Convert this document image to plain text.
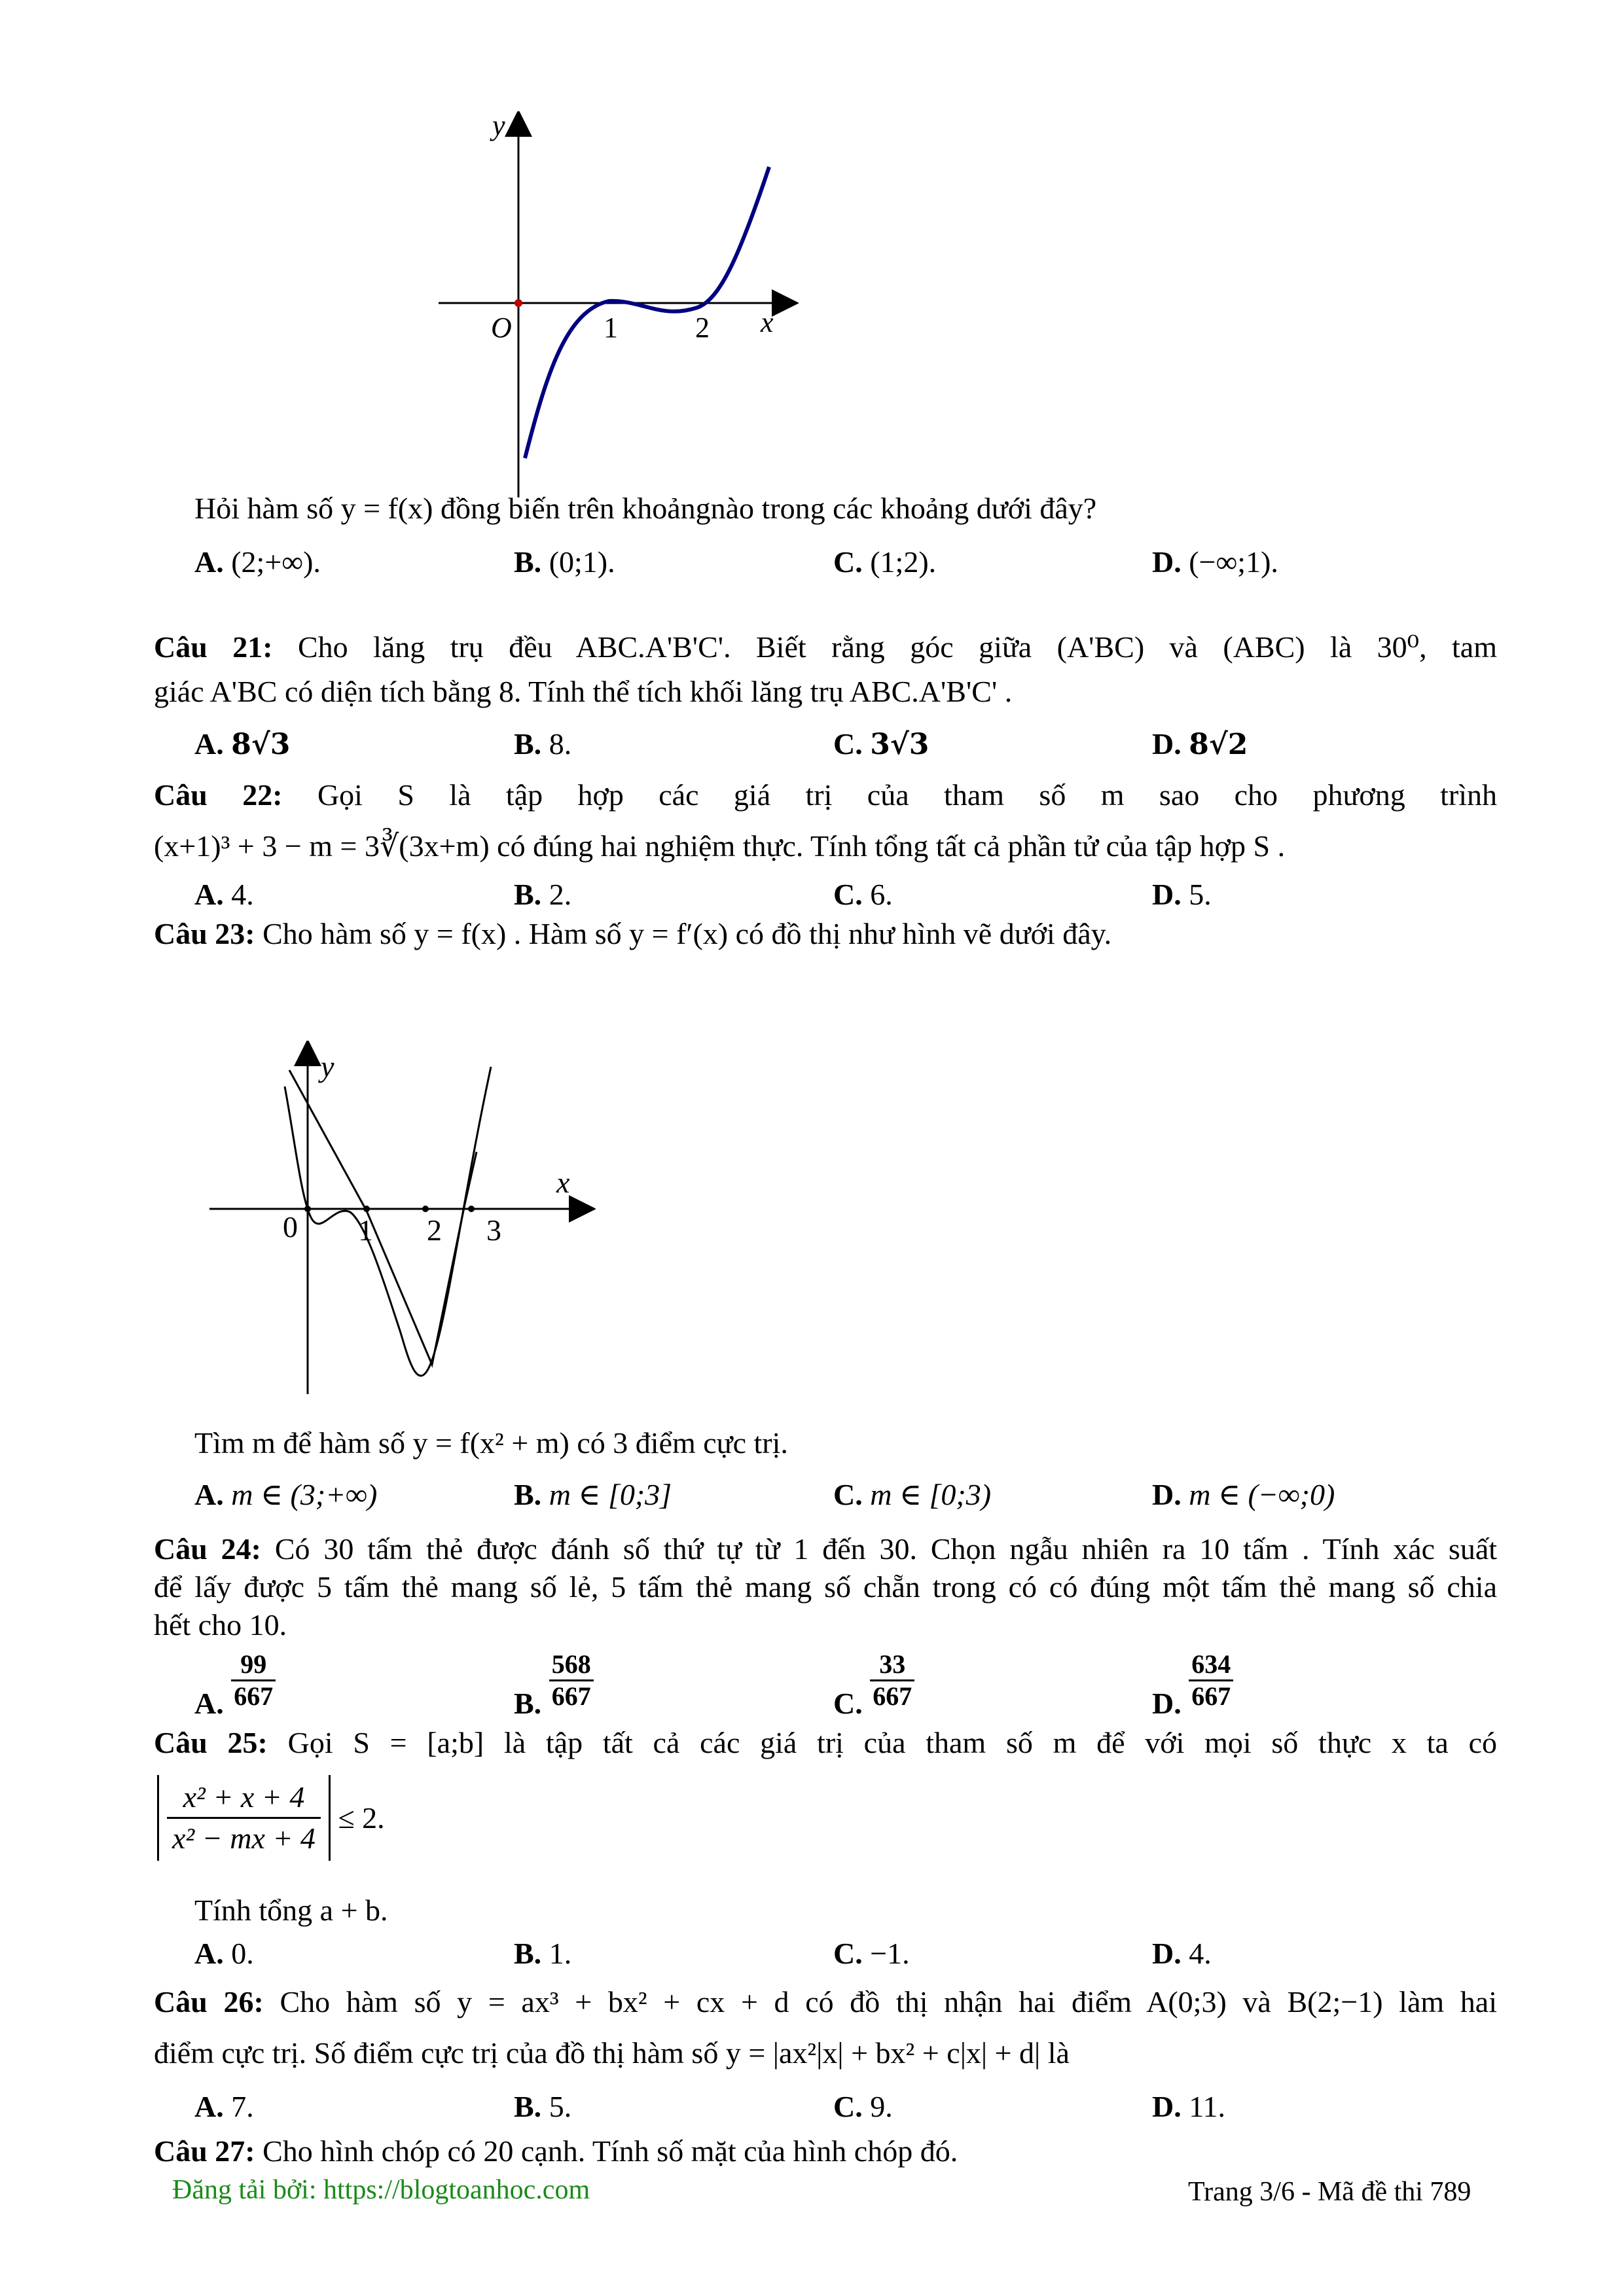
y
x
O	1	2
Hỏi hàm số y = f(x) đồng biến trên khoảngnào trong các khoảng dưới đây?
A. (2;+∞).	B. (0;1).	C. (1;2).	D. (−∞;1).
Câu 21: Cho lăng trụ đều ABC.A'B'C'. Biết rằng góc giữa (A'BC) và (ABC) là 30⁰, tam
giác A'BC có diện tích bằng 8. Tính thể tích khối lăng trụ ABC.A'B'C' .
A. 8√3	B. 8.	C. 3√3	D. 8√2
Câu 22: Gọi S là tập hợp các giá trị của tham số m sao cho phương trình
(x+1)³ + 3 − m = 3∛(3x+m) có đúng hai nghiệm thực. Tính tổng tất cả phần tử của tập hợp S .
A. 4.	B. 2.	C. 6.	D. 5.
Câu 23: Cho hàm số y = f(x) . Hàm số y = f′(x) có đồ thị như hình vẽ dưới đây.
y
x
0 1 2 3
Tìm m để hàm số y = f(x² + m) có 3 điểm cực trị.
A. m ∈ (3;+∞)	B. m ∈ [0;3]	C. m ∈ [0;3)	D. m ∈ (−∞;0)
Câu 24: Có 30 tấm thẻ được đánh số thứ tự từ 1 đến 30. Chọn ngẫu nhiên ra 10 tấm . Tính xác suất
để lấy được 5 tấm thẻ mang số lẻ, 5 tấm thẻ mang số chẵn trong có có đúng một tấm thẻ mang số chia
hết cho 10.
A. $\frac{99}{667}$	B. $\frac{568}{667}$	C. $\frac{33}{667}$	D. $\frac{634}{667}$
Câu 25: Gọi S = [a;b] là tập tất cả các giá trị của tham số m để với mọi số thực x ta có
$\frac{\text{x² + x + 4}}{\text{x² − mx + 4}} \le 2$.
Tính tổng a + b.
A. 0.	B. 1.	C. −1.	D. 4.
Câu 26: Cho hàm số y = ax³ + bx² + cx + d có đồ thị nhận hai điểm A(0;3) và B(2;−1) làm hai
điểm cực trị. Số điểm cực trị của đồ thị hàm số y = |ax²|x| + bx² + c|x| + d| là
A. 7.	B. 5.	C. 9.	D. 11.
Câu 27: Cho hình chóp có 20 cạnh. Tính số mặt của hình chóp đó.
Đăng tải bởi: https://blogtoanhoc.com	Trang 3/6 - Mã đề thi 789
